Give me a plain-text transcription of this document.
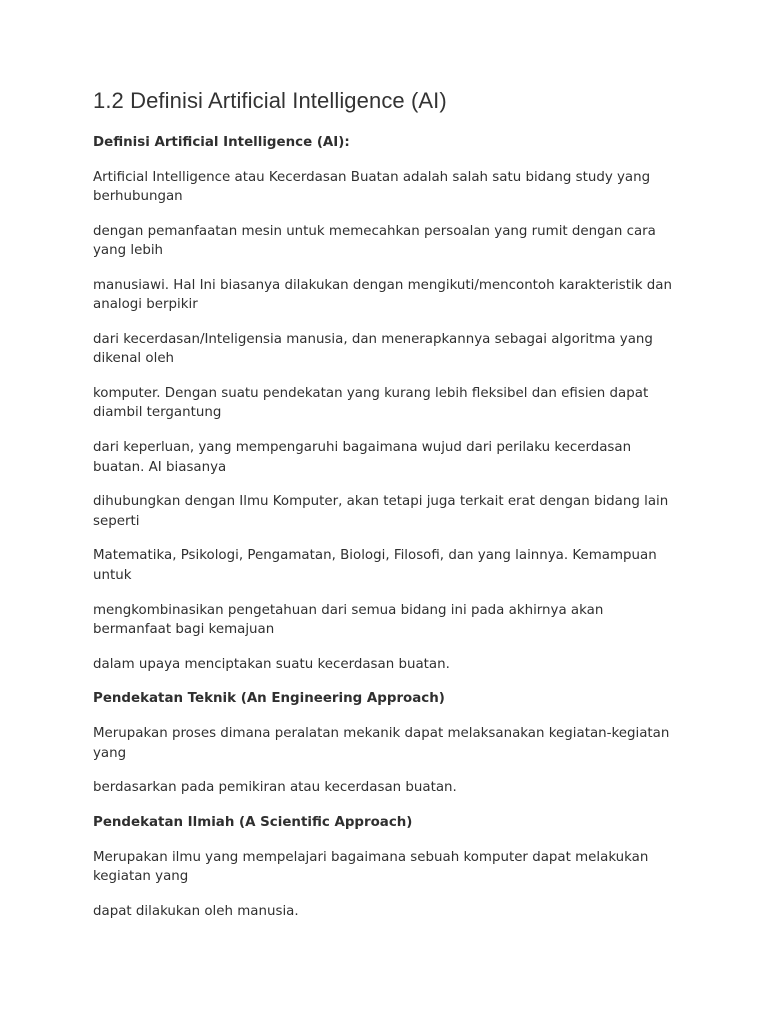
1.2 Definisi Artificial Intelligence (AI)
Definisi Artificial Intelligence (AI):
Artificial Intelligence atau Kecerdasan Buatan adalah salah satu bidang study yang berhubungan
dengan pemanfaatan mesin untuk memecahkan persoalan yang rumit dengan cara yang lebih
manusiawi. Hal Ini biasanya dilakukan dengan mengikuti/mencontoh karakteristik dan analogi berpikir
dari kecerdasan/Inteligensia manusia, dan menerapkannya sebagai algoritma yang dikenal oleh
komputer. Dengan suatu pendekatan yang kurang lebih fleksibel dan efisien dapat diambil tergantung
dari keperluan, yang mempengaruhi bagaimana wujud dari perilaku kecerdasan buatan. AI biasanya
dihubungkan dengan Ilmu Komputer, akan tetapi juga terkait erat dengan bidang lain seperti
Matematika, Psikologi, Pengamatan, Biologi, Filosofi, dan yang lainnya. Kemampuan untuk
mengkombinasikan pengetahuan dari semua bidang ini pada akhirnya akan bermanfaat bagi kemajuan
dalam upaya menciptakan suatu kecerdasan buatan.
Pendekatan Teknik (An Engineering Approach)
Merupakan proses dimana peralatan mekanik dapat melaksanakan kegiatan-kegiatan yang
berdasarkan pada pemikiran atau kecerdasan buatan.
Pendekatan Ilmiah (A Scientific Approach)
Merupakan ilmu yang mempelajari bagaimana sebuah komputer dapat melakukan kegiatan yang
dapat dilakukan oleh manusia.
